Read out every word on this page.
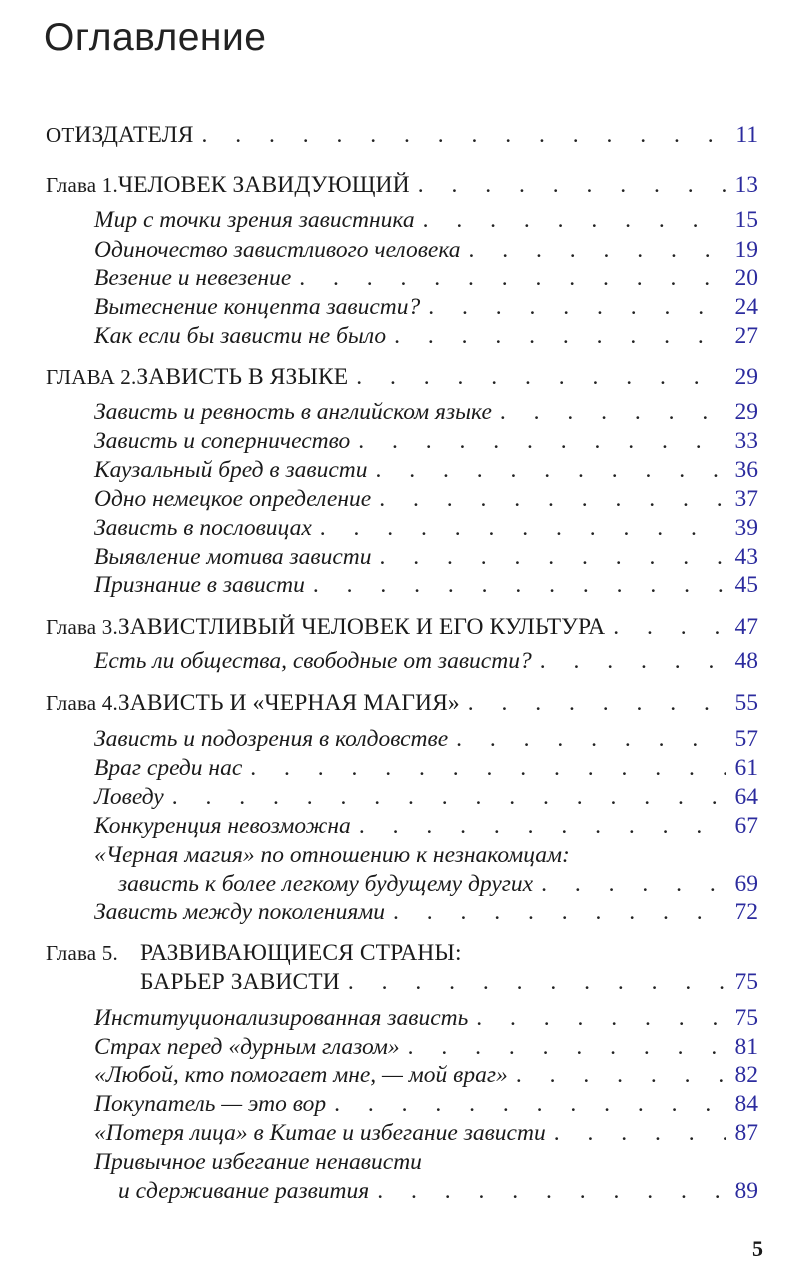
Оглавление
ОТ ИЗДАТЕЛЯ . . .	11
Глава 1. ЧЕЛОВЕК ЗАВИДУЮЩИЙ . . .	13
Мир с точки зрения завистника . . .	15
Одиночество завистливого человека . . .	19
Везение и невезение . . .	20
Вытеснение концепта зависти? . . .	24
Как если бы зависти не было . . .	27
ГЛАВА 2. ЗАВИСТЬ В ЯЗЫКЕ . . .	29
Зависть и ревность в английском языке . . .	29
Зависть и соперничество . . .	33
Каузальный бред в зависти . . .	36
Одно немецкое определение . . .	37
Зависть в пословицах . . .	39
Выявление мотива зависти . . .	43
Признание в зависти . . .	45
Глава 3. ЗАВИСТЛИВЫЙ ЧЕЛОВЕК И ЕГО КУЛЬТУРА . . .	47
Есть ли общества, свободные от зависти? . . .	48
Глава 4. ЗАВИСТЬ И «ЧЕРНАЯ МАГИЯ» . . .	55
Зависть и подозрения в колдовстве . . .	57
Враг среди нас . . .	61
Ловеду . . .	64
Конкуренция невозможна . . .	67
«Черная магия» по отношению к незнакомцам:
зависть к более легкому будущему других . . .	69
Зависть между поколениями . . .	72
Глава 5. РАЗВИВАЮЩИЕСЯ СТРАНЫ:
БАРЬЕР ЗАВИСТИ . . .	75
Институционализированная зависть . . .	75
Страх перед «дурным глазом» . . .	81
«Любой, кто помогает мне, — мой враг» . . .	82
Покупатель — это вор . . .	84
«Потеря лица» в Китае и избегание зависти . . .	87
Привычное избегание ненависти
и сдерживание развития . . .	89
5
